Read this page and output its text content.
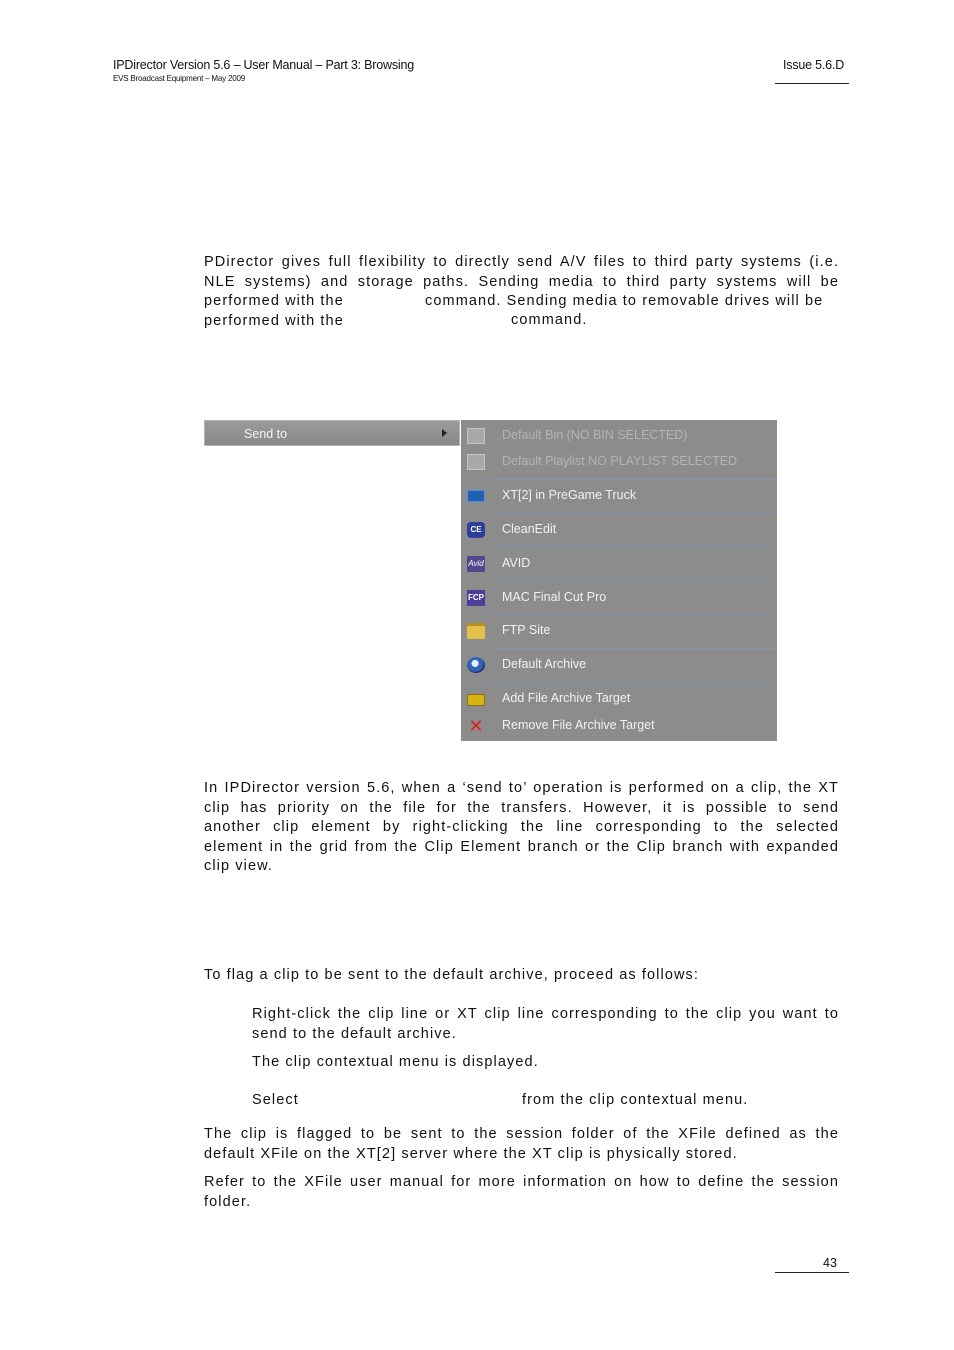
IPDirector Version 5.6 – User Manual – Part 3: Browsing
EVS Broadcast Equipment – May 2009
Issue 5.6.D
PDirector gives full flexibility to directly send A/V files to third party systems (i.e.
NLE systems) and storage paths. Sending media to third party systems will be
performed with the	command. Sending media to removable drives will be
performed with the	command.
Send to	Default Bin (NO BIN SELECTED)
Default Playlist NO PLAYLIST SELECTED
XT[2] in PreGame Truck
CE CleanEdit
Avid AVID
FCP MAC Final Cut Pro
FTP Site
Default Archive
Add File Archive Target
✕ Remove File Archive Target
In IPDirector version 5.6, when a ‘send to’ operation is performed on a clip, the XT
clip has priority on the file for the transfers. However, it is possible to send
another clip element by right-clicking the line corresponding to the selected
element in the grid from the Clip Element branch or the Clip branch with expanded
clip view.
To flag a clip to be sent to the default archive, proceed as follows:
Right-click the clip line or XT clip line corresponding to the clip you want to
send to the default archive.
The clip contextual menu is displayed.
Select	from the clip contextual menu.
The clip is flagged to be sent to the session folder of the XFile defined as the
default XFile on the XT[2] server where the XT clip is physically stored.
Refer to the XFile user manual for more information on how to define the session
folder.
43
